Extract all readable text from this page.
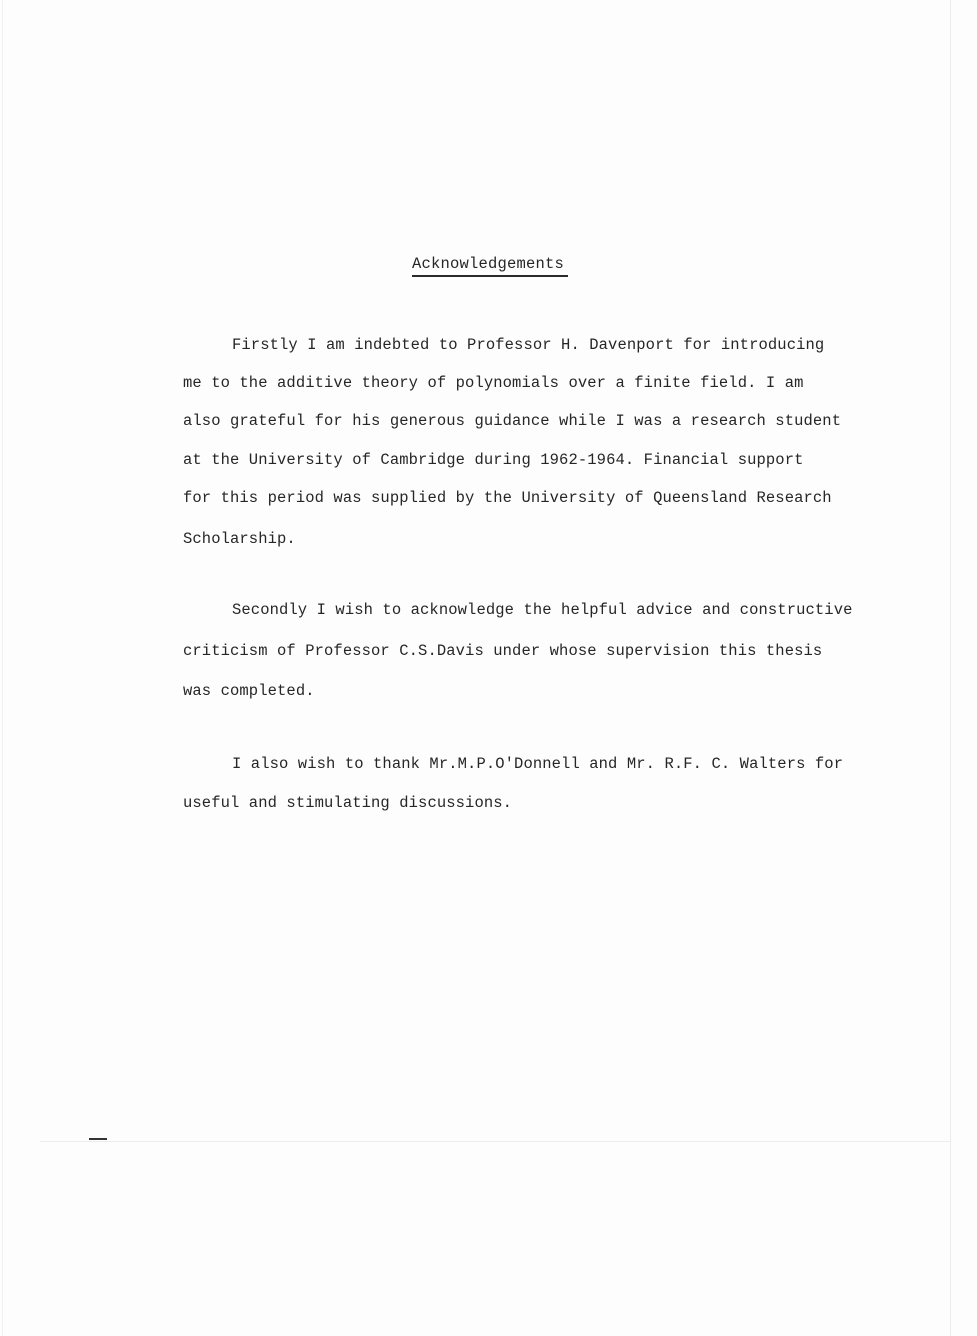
Acknowledgements
Firstly I am indebted to Professor H. Davenport for introducing
me to the additive theory of polynomials over a finite field. I am
also grateful for his generous guidance while I was a research student
at the University of Cambridge during 1962-1964. Financial support
for this period was supplied by the University of Queensland Research
Scholarship.
Secondly I wish to acknowledge the helpful advice and constructive
criticism of Professor C.S.Davis under whose supervision this thesis
was completed.
I also wish to thank Mr.M.P.O'Donnell and Mr. R.F. C. Walters for
useful and stimulating discussions.
